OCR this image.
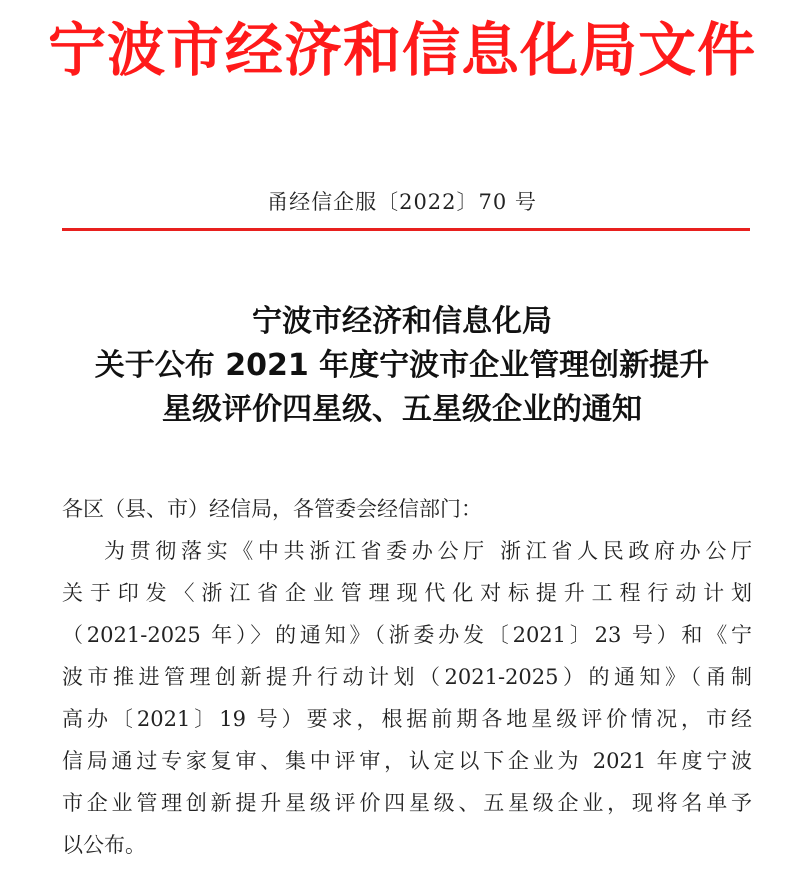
宁波市经济和信息化局文件
甬经信企服〔2022〕70 号
宁波市经济和信息化局
关于公布 2021 年度宁波市企业管理创新提升
星级评价四星级、五星级企业的通知
各区（县、市）经信局，各管委会经信部门：
为贯彻落实《中共浙江省委办公厅 浙江省人民政府办公厅
关于印发〈浙江省企业管理现代化对标提升工程行动计划
（2021-2025 年）〉的通知》（浙委办发〔2021〕23 号）和《宁
波市推进管理创新提升行动计划（2021-2025）的通知》（甬制
高办〔2021〕19 号）要求，根据前期各地星级评价情况，市经
信局通过专家复审、集中评审，认定以下企业为 2021 年度宁波
市企业管理创新提升星级评价四星级、五星级企业，现将名单予
以公布。
